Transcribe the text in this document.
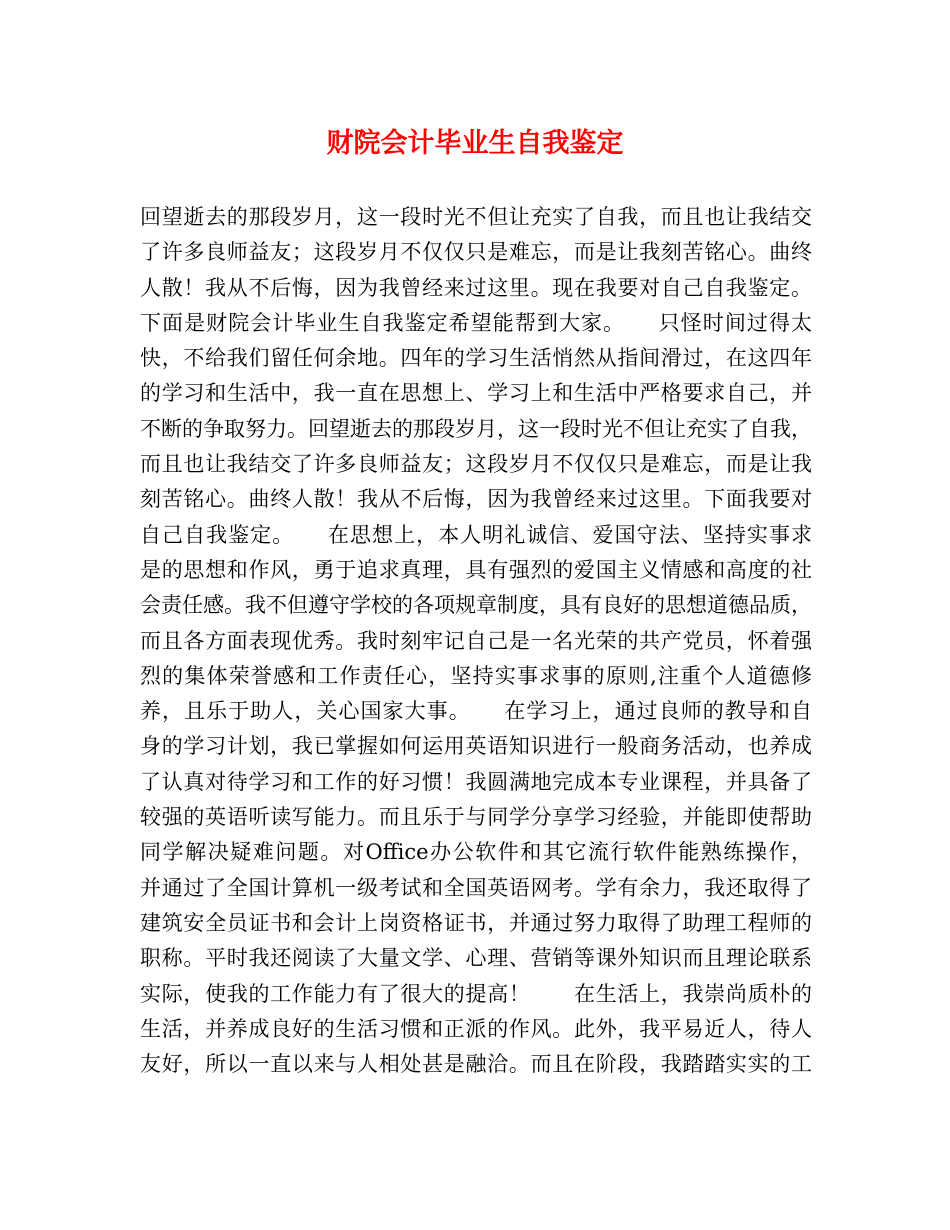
财院会计毕业生自我鉴定
回望逝去的那段岁月，这一段时光不但让充实了自我，而且也让我结交
了许多良师益友；这段岁月不仅仅只是难忘，而是让我刻苦铭心。曲终
人散！我从不后悔，因为我曾经来过这里。现在我要对自己自我鉴定。
下面是财院会计毕业生自我鉴定希望能帮到大家。　　只怪时间过得太
快，不给我们留任何余地。四年的学习生活悄然从指间滑过，在这四年
的学习和生活中，我一直在思想上、学习上和生活中严格要求自己，并
不断的争取努力。回望逝去的那段岁月，这一段时光不但让充实了自我，
而且也让我结交了许多良师益友；这段岁月不仅仅只是难忘，而是让我
刻苦铭心。曲终人散！我从不后悔，因为我曾经来过这里。下面我要对
自己自我鉴定。　　在思想上，本人明礼诚信、爱国守法、坚持实事求
是的思想和作风，勇于追求真理，具有强烈的爱国主义情感和高度的社
会责任感。我不但遵守学校的各项规章制度，具有良好的思想道德品质，
而且各方面表现优秀。我时刻牢记自己是一名光荣的共产党员，怀着强
烈的集体荣誉感和工作责任心，坚持实事求事的原则,注重个人道德修
养，且乐于助人，关心国家大事。　　在学习上，通过良师的教导和自
身的学习计划，我已掌握如何运用英语知识进行一般商务活动，也养成
了认真对待学习和工作的好习惯！我圆满地完成本专业课程，并具备了
较强的英语听读写能力。而且乐于与同学分享学习经验，并能即使帮助
同学解决疑难问题。对Office办公软件和其它流行软件能熟练操作，
并通过了全国计算机一级考试和全国英语网考。学有余力，我还取得了
建筑安全员证书和会计上岗资格证书，并通过努力取得了助理工程师的
职称。平时我还阅读了大量文学、心理、营销等课外知识而且理论联系
实际，使我的工作能力有了很大的提高！　　在生活上，我崇尚质朴的
生活，并养成良好的生活习惯和正派的作风。此外，我平易近人，待人
友好，所以一直以来与人相处甚是融洽。而且在阶段，我踏踏实实的工
